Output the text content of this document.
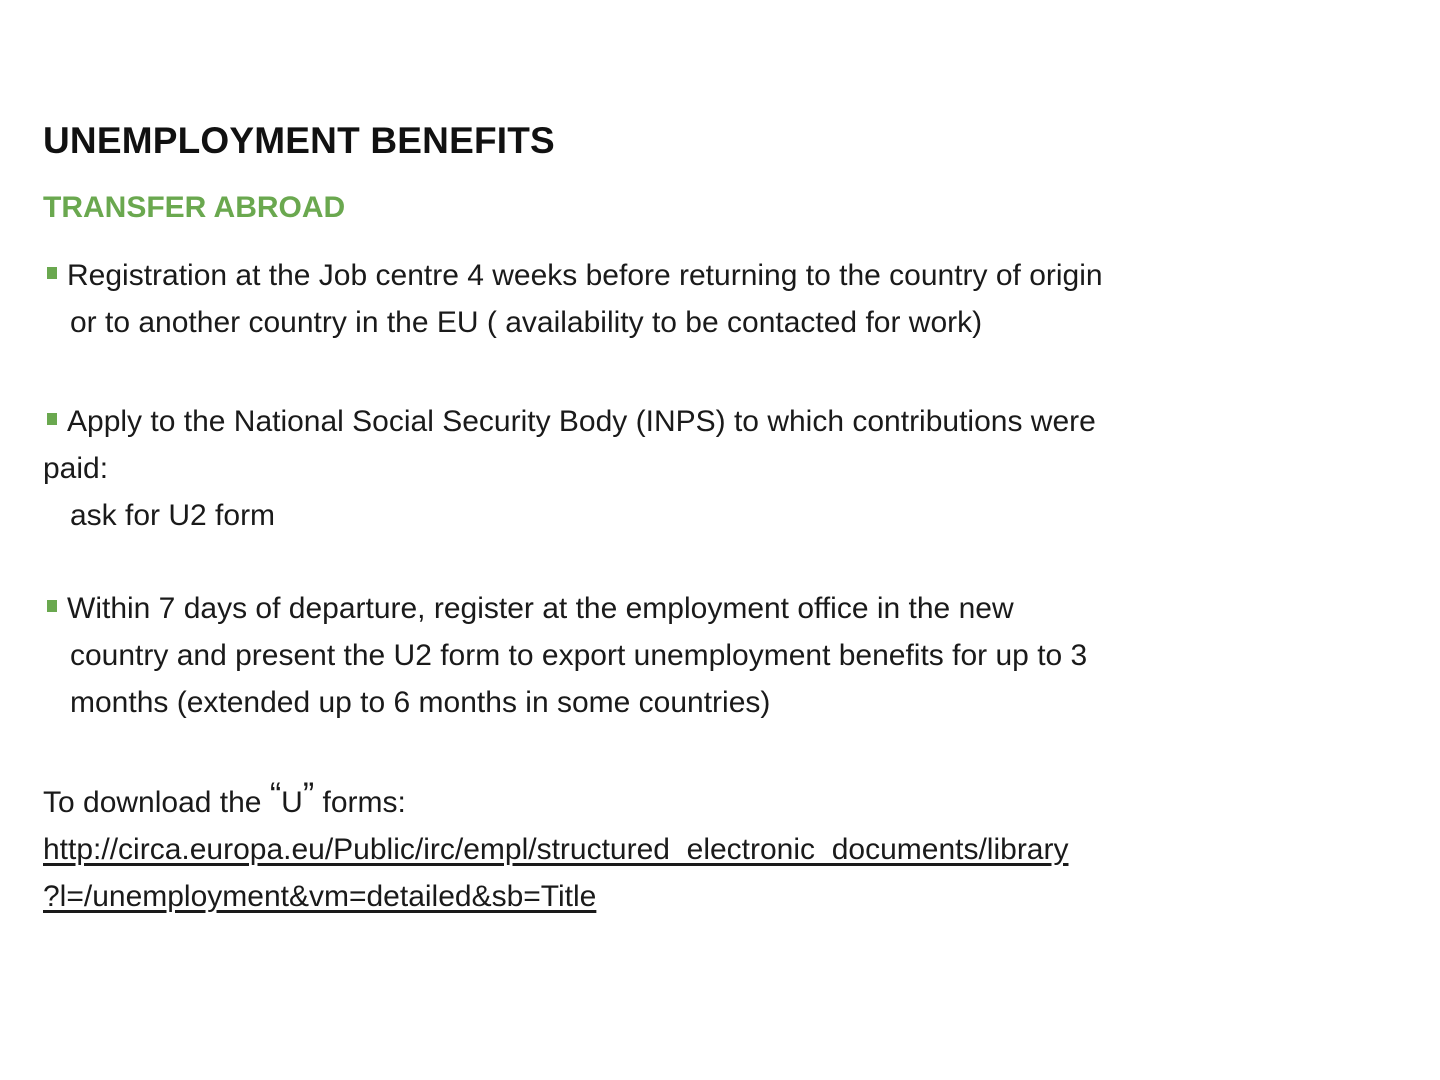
UNEMPLOYMENT BENEFITS
TRANSFER ABROAD
Registration at the Job centre 4 weeks before returning to the country of origin
or to another country in the EU ( availability to be contacted for work)
Apply to the National Social Security Body (INPS) to which contributions were
paid:
ask for U2 form
Within 7 days of departure, register at the employment office in the new
country and present the U2 form to export unemployment benefits for up to 3
months (extended up to 6 months in some countries)
To download the “U” forms:
http://circa.europa.eu/Public/irc/empl/structured_electronic_documents/library
?l=/unemployment&vm=detailed&sb=Title
